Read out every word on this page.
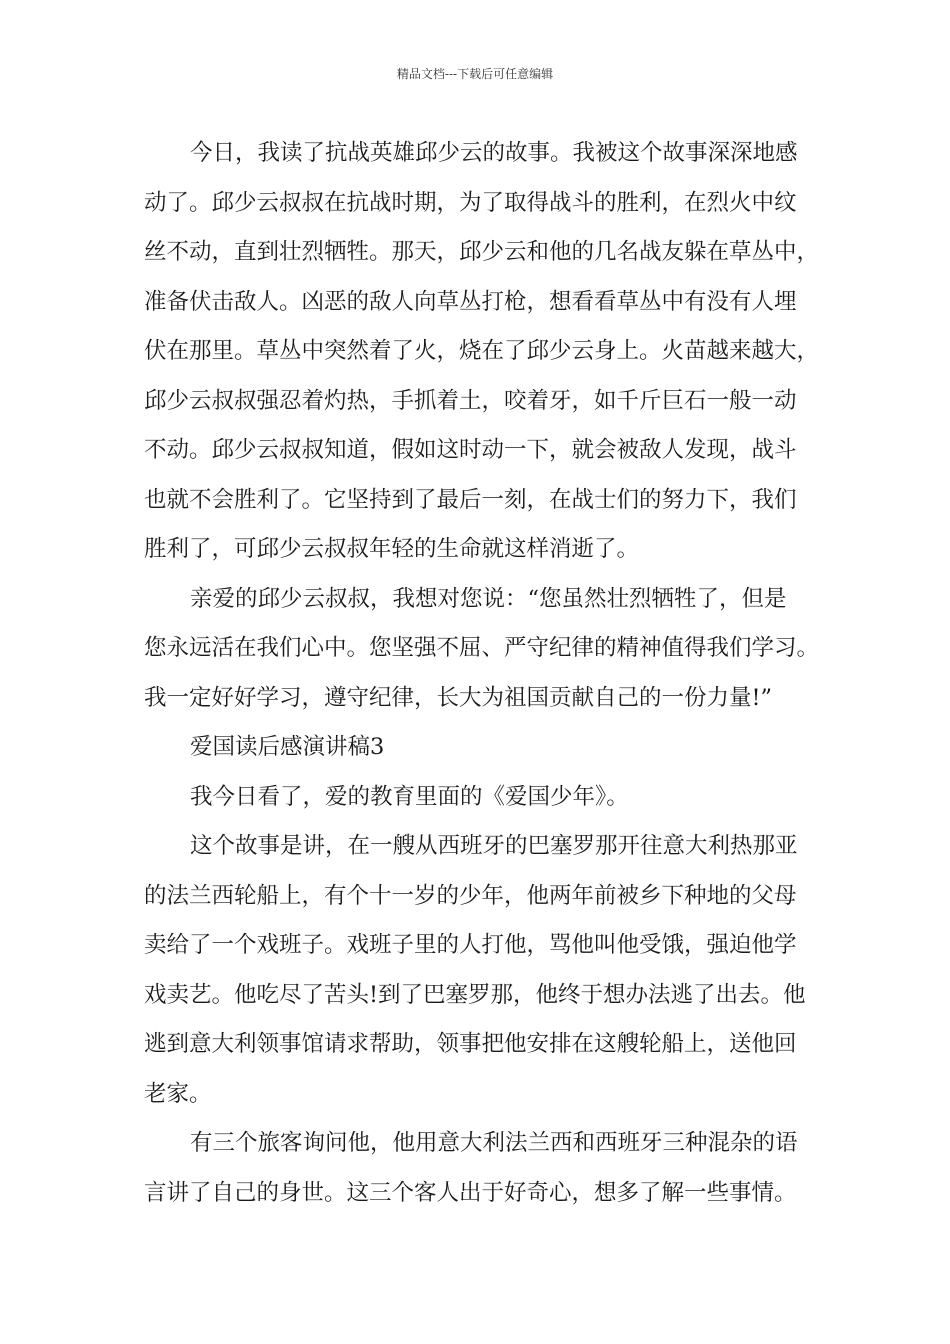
精品文档---下载后可任意编辑
今日，我读了抗战英雄邱少云的故事。我被这个故事深深地感
动了。邱少云叔叔在抗战时期，为了取得战斗的胜利，在烈火中纹
丝不动，直到壮烈牺牲。那天，邱少云和他的几名战友躲在草丛中，
准备伏击敌人。凶恶的敌人向草丛打枪，想看看草丛中有没有人埋
伏在那里。草丛中突然着了火，烧在了邱少云身上。火苗越来越大，
邱少云叔叔强忍着灼热，手抓着土，咬着牙，如千斤巨石一般一动
不动。邱少云叔叔知道，假如这时动一下，就会被敌人发现，战斗
也就不会胜利了。它坚持到了最后一刻，在战士们的努力下，我们
胜利了，可邱少云叔叔年轻的生命就这样消逝了。
亲爱的邱少云叔叔，我想对您说：“您虽然壮烈牺牲了，但是
您永远活在我们心中。您坚强不屈、严守纪律的精神值得我们学习。
我一定好好学习，遵守纪律，长大为祖国贡献自己的一份力量!”
爱国读后感演讲稿3
我今日看了，爱的教育里面的《爱国少年》。
这个故事是讲，在一艘从西班牙的巴塞罗那开往意大利热那亚
的法兰西轮船上，有个十一岁的少年，他两年前被乡下种地的父母
卖给了一个戏班子。戏班子里的人打他，骂他叫他受饿，强迫他学
戏卖艺。他吃尽了苦头!到了巴塞罗那，他终于想办法逃了出去。他
逃到意大利领事馆请求帮助，领事把他安排在这艘轮船上，送他回
老家。
有三个旅客询问他，他用意大利法兰西和西班牙三种混杂的语
言讲了自己的身世。这三个客人出于好奇心，想多了解一些事情。
